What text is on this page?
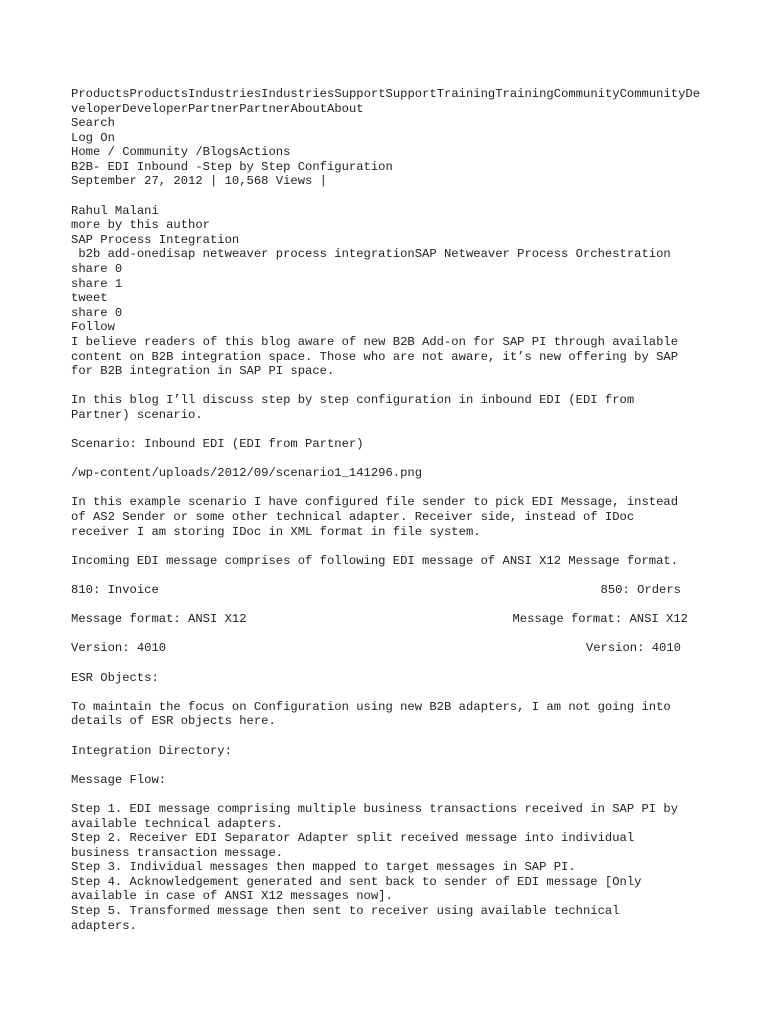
ProductsProductsIndustriesIndustriesSupportSupportTrainingTrainingCommunityCommunityDeveloperDeveloperPartnerPartnerAboutAbout
Search
Log On
Home / Community /BlogsActions
B2B- EDI Inbound -Step by Step Configuration
September 27, 2012 | 10,568 Views |
Rahul Malani
more by this author
SAP Process Integration
b2b add-onedisap netweaver process integrationSAP Netweaver Process Orchestration
share 0
share 1
tweet
share 0
Follow
I believe readers of this blog aware of new B2B Add-on for SAP PI through available
content on B2B integration space. Those who are not aware, it’s new offering by SAP
for B2B integration in SAP PI space.
In this blog I’ll discuss step by step configuration in inbound EDI (EDI from
Partner) scenario.
Scenario: Inbound EDI (EDI from Partner)
/wp-content/uploads/2012/09/scenario1_141296.png
In this example scenario I have configured file sender to pick EDI Message, instead
of AS2 Sender or some other technical adapter. Receiver side, instead of IDoc
receiver I am storing IDoc in XML format in file system.
Incoming EDI message comprises of following EDI message of ANSI X12 Message format.
810: Invoice	850: Orders
Message format: ANSI X12	Message format: ANSI X12
Version: 4010	Version: 4010
ESR Objects:
To maintain the focus on Configuration using new B2B adapters, I am not going into
details of ESR objects here.
Integration Directory:
Message Flow:
Step 1. EDI message comprising multiple business transactions received in SAP PI by
available technical adapters.
Step 2. Receiver EDI Separator Adapter split received message into individual
business transaction message.
Step 3. Individual messages then mapped to target messages in SAP PI.
Step 4. Acknowledgement generated and sent back to sender of EDI message [Only
available in case of ANSI X12 messages now].
Step 5. Transformed message then sent to receiver using available technical
adapters.
